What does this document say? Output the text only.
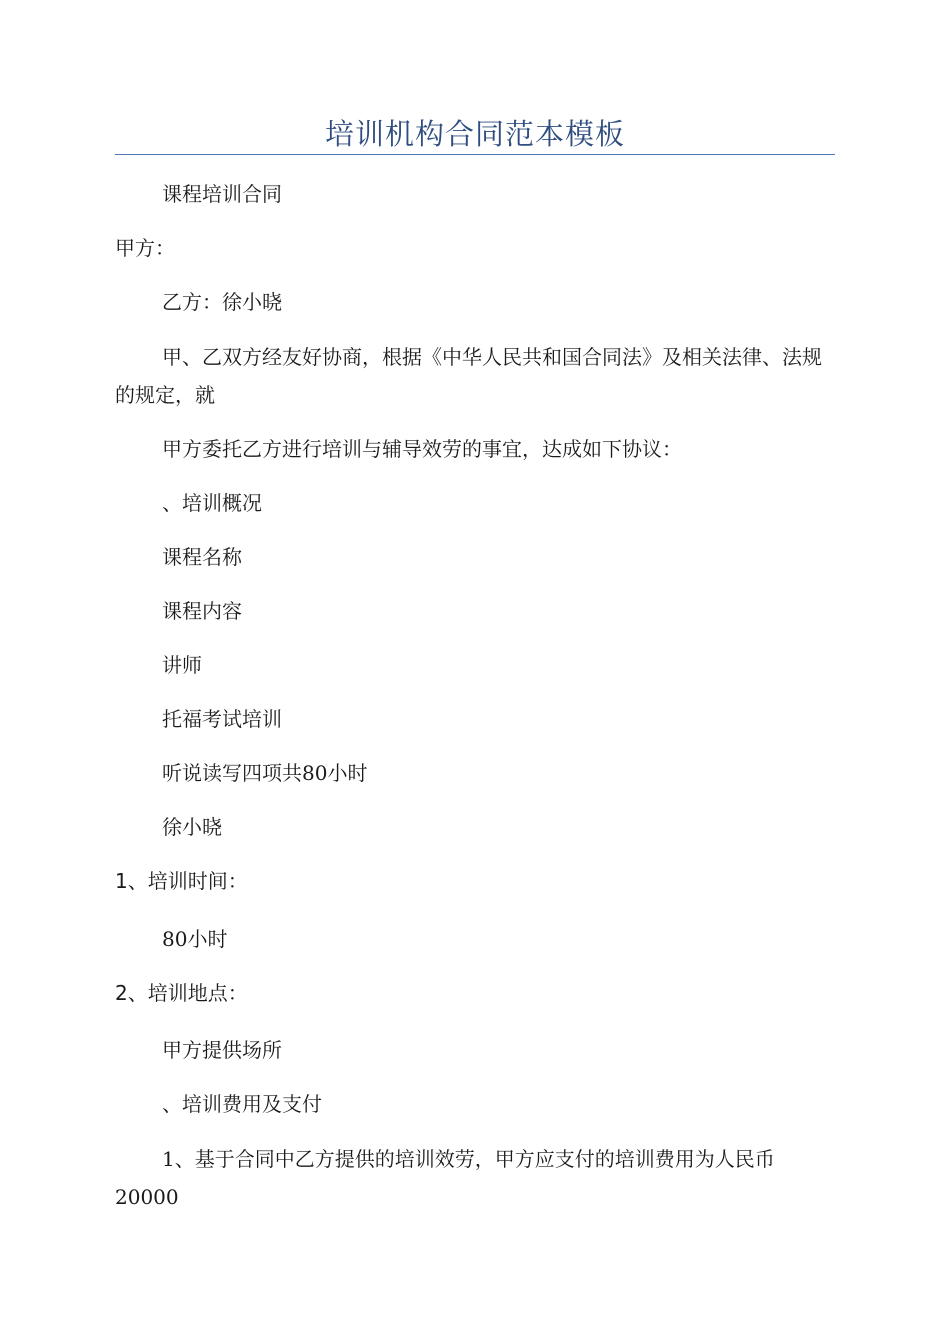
培训机构合同范本模板

课程培训合同

甲方：

乙方：徐小晓

甲、乙双方经友好协商，根据《中华人民共和国合同法》及相关法律、法规的规定，就

甲方委托乙方进行培训与辅导效劳的事宜，达成如下协议：

、培训概况

课程名称

课程内容

讲师

托福考试培训

听说读写四项共80小时

徐小晓

1、培训时间：

80小时

2、培训地点：

甲方提供场所

、培训费用及支付

1、基于合同中乙方提供的培训效劳，甲方应支付的培训费用为人民币20000
